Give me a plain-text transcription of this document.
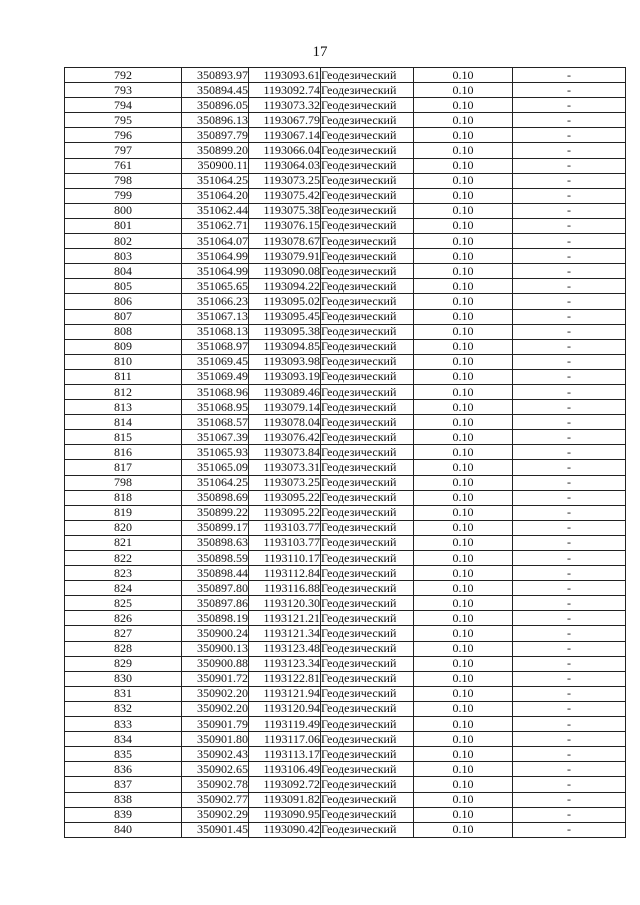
17
792	350893.97	1193093.61	Геодезический	0.10	-
793	350894.45	1193092.74	Геодезический	0.10	-
794	350896.05	1193073.32	Геодезический	0.10	-
795	350896.13	1193067.79	Геодезический	0.10	-
796	350897.79	1193067.14	Геодезический	0.10	-
797	350899.20	1193066.04	Геодезический	0.10	-
761	350900.11	1193064.03	Геодезический	0.10	-
798	351064.25	1193073.25	Геодезический	0.10	-
799	351064.20	1193075.42	Геодезический	0.10	-
800	351062.44	1193075.38	Геодезический	0.10	-
801	351062.71	1193076.15	Геодезический	0.10	-
802	351064.07	1193078.67	Геодезический	0.10	-
803	351064.99	1193079.91	Геодезический	0.10	-
804	351064.99	1193090.08	Геодезический	0.10	-
805	351065.65	1193094.22	Геодезический	0.10	-
806	351066.23	1193095.02	Геодезический	0.10	-
807	351067.13	1193095.45	Геодезический	0.10	-
808	351068.13	1193095.38	Геодезический	0.10	-
809	351068.97	1193094.85	Геодезический	0.10	-
810	351069.45	1193093.98	Геодезический	0.10	-
811	351069.49	1193093.19	Геодезический	0.10	-
812	351068.96	1193089.46	Геодезический	0.10	-
813	351068.95	1193079.14	Геодезический	0.10	-
814	351068.57	1193078.04	Геодезический	0.10	-
815	351067.39	1193076.42	Геодезический	0.10	-
816	351065.93	1193073.84	Геодезический	0.10	-
817	351065.09	1193073.31	Геодезический	0.10	-
798	351064.25	1193073.25	Геодезический	0.10	-
818	350898.69	1193095.22	Геодезический	0.10	-
819	350899.22	1193095.22	Геодезический	0.10	-
820	350899.17	1193103.77	Геодезический	0.10	-
821	350898.63	1193103.77	Геодезический	0.10	-
822	350898.59	1193110.17	Геодезический	0.10	-
823	350898.44	1193112.84	Геодезический	0.10	-
824	350897.80	1193116.88	Геодезический	0.10	-
825	350897.86	1193120.30	Геодезический	0.10	-
826	350898.19	1193121.21	Геодезический	0.10	-
827	350900.24	1193121.34	Геодезический	0.10	-
828	350900.13	1193123.48	Геодезический	0.10	-
829	350900.88	1193123.34	Геодезический	0.10	-
830	350901.72	1193122.81	Геодезический	0.10	-
831	350902.20	1193121.94	Геодезический	0.10	-
832	350902.20	1193120.94	Геодезический	0.10	-
833	350901.79	1193119.49	Геодезический	0.10	-
834	350901.80	1193117.06	Геодезический	0.10	-
835	350902.43	1193113.17	Геодезический	0.10	-
836	350902.65	1193106.49	Геодезический	0.10	-
837	350902.78	1193092.72	Геодезический	0.10	-
838	350902.77	1193091.82	Геодезический	0.10	-
839	350902.29	1193090.95	Геодезический	0.10	-
840	350901.45	1193090.42	Геодезический	0.10	-
